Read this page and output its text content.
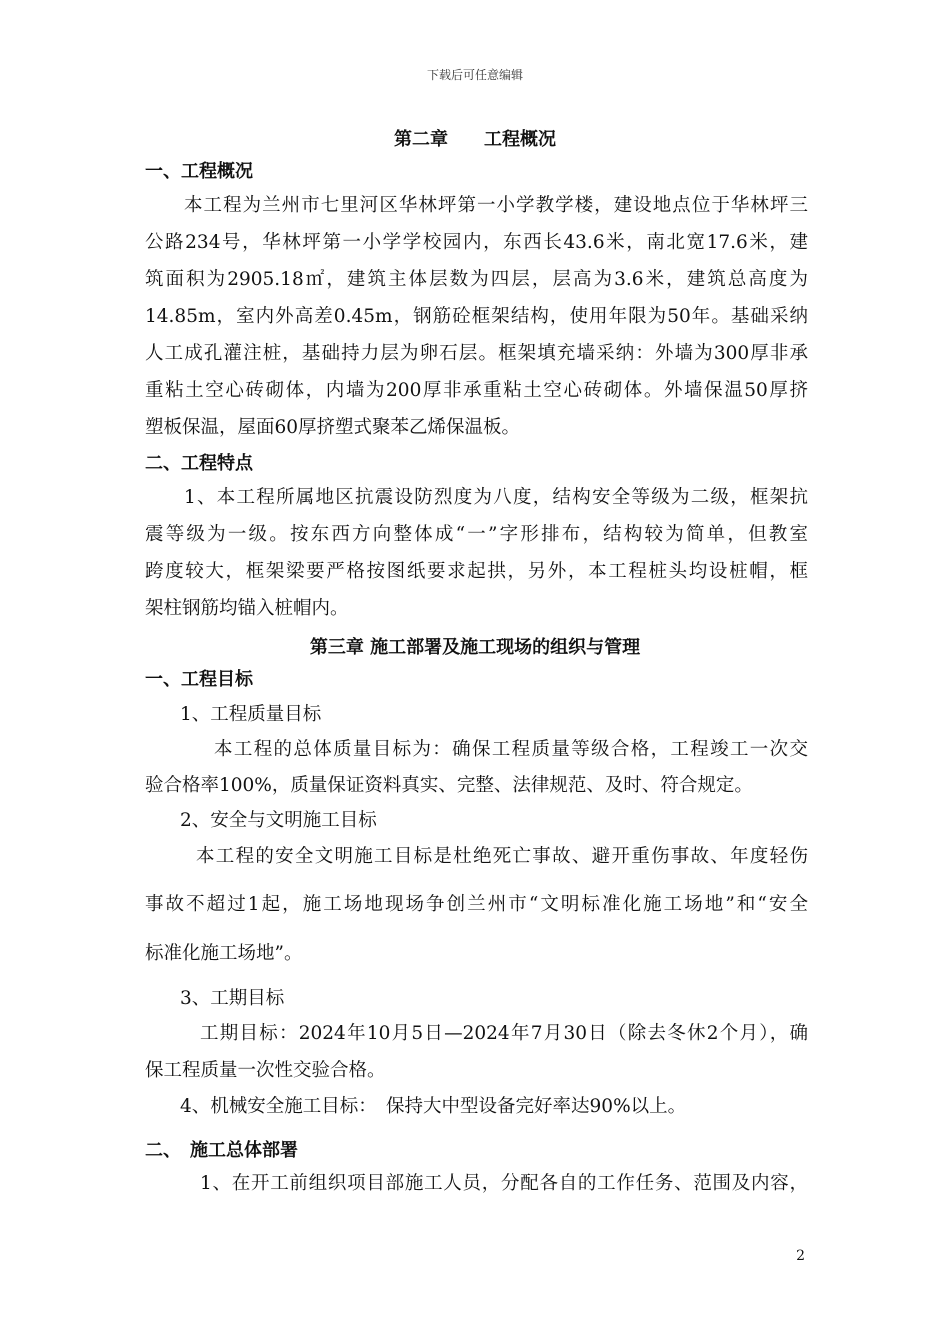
下载后可任意编辑
第二章　　工程概况
一、工程概况
本工程为兰州市七里河区华林坪第一小学教学楼，建设地点位于华林坪三
公路234号，华林坪第一小学学校园内，东西长43.6米，南北宽17.6米，建
筑面积为2905.18㎡，建筑主体层数为四层，层高为3.6米，建筑总高度为
14.85m，室内外高差0.45m，钢筋砼框架结构，使用年限为50年。基础采纳
人工成孔灌注桩，基础持力层为卵石层。框架填充墙采纳：外墙为300厚非承
重粘土空心砖砌体，内墙为200厚非承重粘土空心砖砌体。外墙保温50厚挤
塑板保温，屋面60厚挤塑式聚苯乙烯保温板。
二、工程特点
1、本工程所属地区抗震设防烈度为八度，结构安全等级为二级，框架抗
震等级为一级。按东西方向整体成“一”字形排布，结构较为简单，但教室
跨度较大，框架梁要严格按图纸要求起拱，另外，本工程桩头均设桩帽，框
架柱钢筋均锚入桩帽内。
第三章 施工部署及施工现场的组织与管理
一、工程目标
1、工程质量目标
本工程的总体质量目标为：确保工程质量等级合格，工程竣工一次交
验合格率100%，质量保证资料真实、完整、法律规范、及时、符合规定。
2、安全与文明施工目标
本工程的安全文明施工目标是杜绝死亡事故、避开重伤事故、年度轻伤
事故不超过1起，施工场地现场争创兰州市“文明标准化施工场地”和“安全
标准化施工场地”。
3、工期目标
工期目标：2024年10月5日—2024年7月30日（除去冬休2个月），确
保工程质量一次性交验合格。
4、机械安全施工目标：　保持大中型设备完好率达90%以上。
二、　施工总体部署
1、在开工前组织项目部施工人员，分配各自的工作任务、范围及内容，
2
